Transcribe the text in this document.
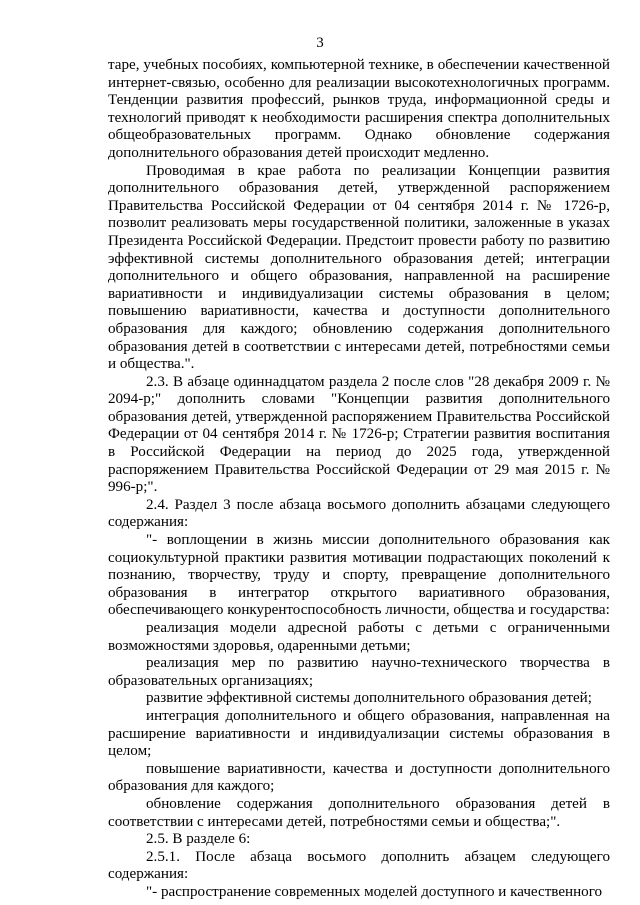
3

таре, учебных пособиях, компьютерной технике, в обеспечении качественной интернет-связью, особенно для реализации высокотехнологичных программ. Тенденции развития профессий, рынков труда, информационной среды и технологий приводят к необходимости расширения спектра дополнительных общеобразовательных программ. Однако обновление содержания дополнительного образования детей происходит медленно.

Проводимая в крае работа по реализации Концепции развития дополнительного образования детей, утвержденной распоряжением Правительства Российской Федерации от 04 сентября 2014 г. № 1726-р, позволит реализовать меры государственной политики, заложенные в указах Президента Российской Федерации. Предстоит провести работу по развитию эффективной системы дополнительного образования детей; интеграции дополнительного и общего образования, направленной на расширение вариативности и индивидуализации системы образования в целом; повышению вариативности, качества и доступности дополнительного образования для каждого; обновлению содержания дополнительного образования детей в соответствии с интересами детей, потребностями семьи и общества.".

2.3. В абзаце одиннадцатом раздела 2 после слов "28 декабря 2009 г. № 2094-р;" дополнить словами "Концепции развития дополнительного образования детей, утвержденной распоряжением Правительства Российской Федерации от 04 сентября 2014 г. № 1726-р; Стратегии развития воспитания в Российской Федерации на период до 2025 года, утвержденной распоряжением Правительства Российской Федерации от 29 мая 2015 г. № 996-р;".

2.4. Раздел 3 после абзаца восьмого дополнить абзацами следующего содержания:

"- воплощении в жизнь миссии дополнительного образования как социокультурной практики развития мотивации подрастающих поколений к познанию, творчеству, труду и спорту, превращение дополнительного образования в интегратор открытого вариативного образования, обеспечивающего конкурентоспособность личности, общества и государства:

реализация модели адресной работы с детьми с ограниченными возможностями здоровья, одаренными детьми;

реализация мер по развитию научно-технического творчества в образовательных организациях;

развитие эффективной системы дополнительного образования детей;

интеграция дополнительного и общего образования, направленная на расширение вариативности и индивидуализации системы образования в целом;

повышение вариативности, качества и доступности дополнительного образования для каждого;

обновление содержания дополнительного образования детей в соответствии с интересами детей, потребностями семьи и общества;".

2.5. В разделе 6:

2.5.1. После абзаца восьмого дополнить абзацем следующего содержания:

"- распространение современных моделей доступного и качественного
